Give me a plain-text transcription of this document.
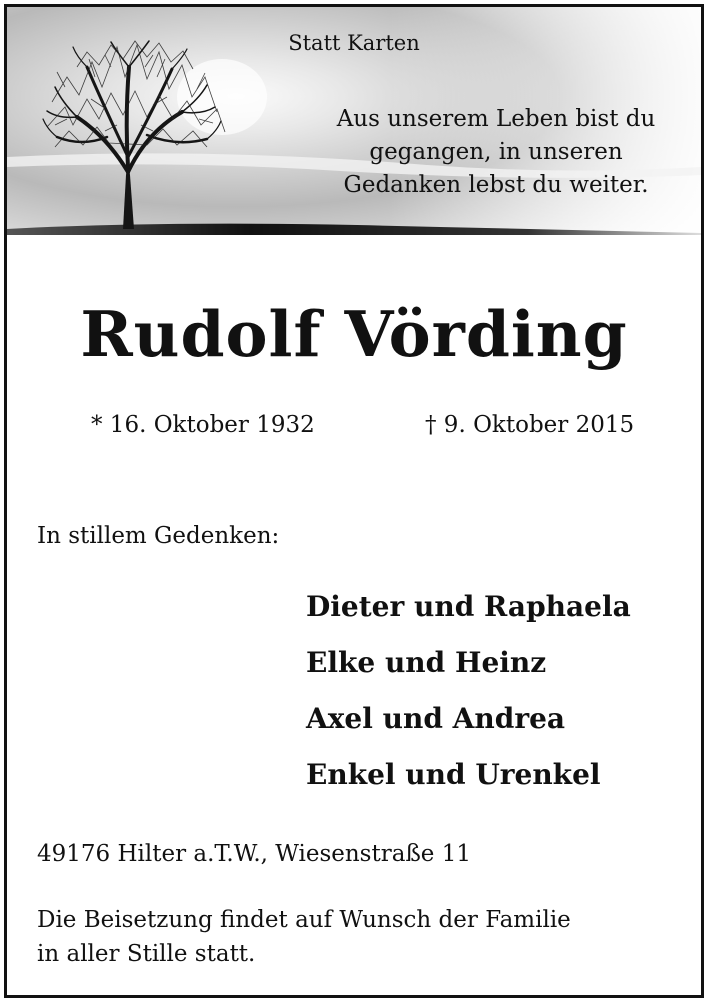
Statt Karten
Aus unserem Leben bist du
gegangen, in unseren
Gedanken lebst du weiter.
Rudolf Vörding
* 16. Oktober 1932	† 9. Oktober 2015
In stillem Gedenken:
Dieter und Raphaela
Elke und Heinz
Axel und Andrea
Enkel und Urenkel
49176 Hilter a.T.W., Wiesenstraße 11
Die Beisetzung findet auf Wunsch der Familie
in aller Stille statt.
